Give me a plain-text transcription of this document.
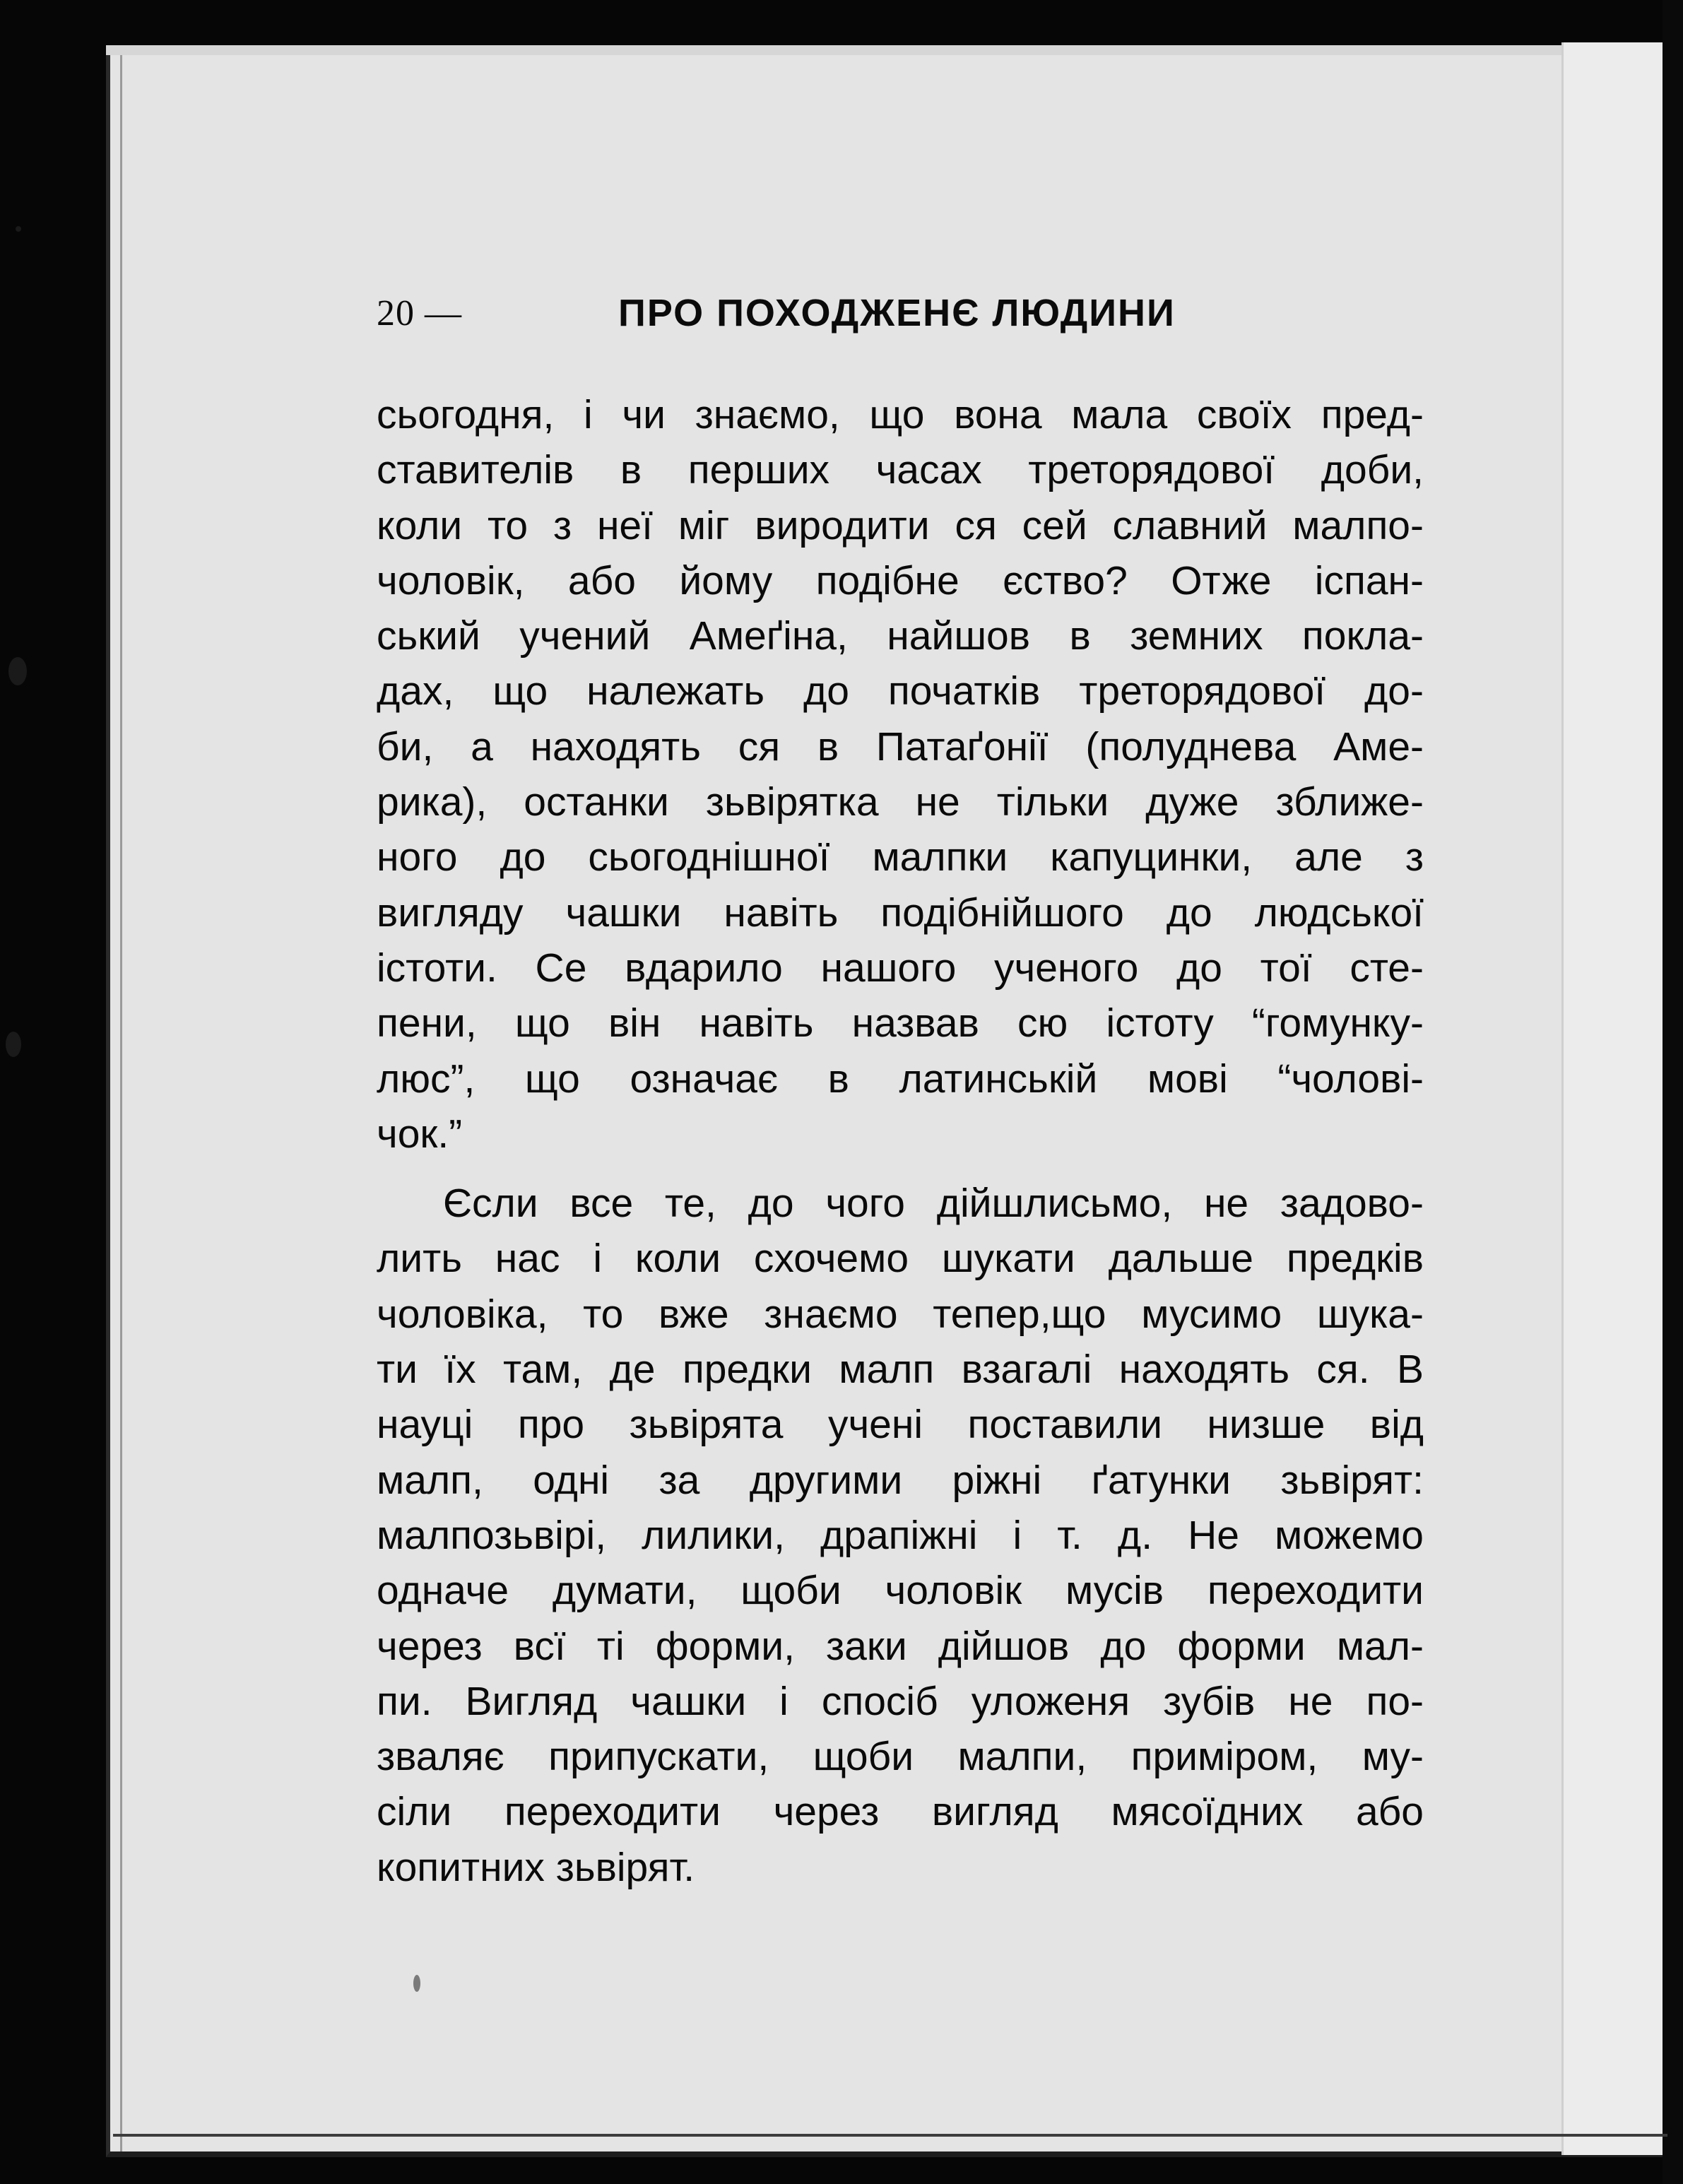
20 —	ПРО ПОХОДЖЕНЄ ЛЮДИНИ
сьогодня, і чи знаємо, що вона мала своїх пред-
ставителів в перших часах треторядової доби,
коли то з неї міг виродити ся сей славний малпо-
чоловік, або йому подібне єство? Отже іспан-
ський учений Амеґіна, найшов в земних покла-
дах, що належать до початків треторядової до-
би, а находять ся в Патаґонії (полуднева Аме-
рика), останки зьвірятка не тільки дуже зближе-
ного до сьогоднішної малпки капуцинки, але з
вигляду чашки навіть подібнійшого до людської
істоти. Се вдарило нашого ученого до тої сте-
пени, що він навіть назвав сю істоту “гомунку-
люс”, що означає в латинській мові “чолові-
чок.”
Єсли все те, до чого дійшлисьмо, не задово-
лить нас і коли схочемо шукати дальше предків
чоловіка, то вже знаємо тепер,що мусимо шука-
ти їх там, де предки малп взагалі находять ся. В
науці про зьвірята учені поставили низше від
малп, одні за другими ріжні ґатунки зьвірят:
малпозьвірі, лилики, драпіжні і т. д. Не можемо
одначе думати, щоби чоловік мусів переходити
через всї ті форми, заки дійшов до форми мал-
пи. Вигляд чашки і спосіб уложеня зубів не по-
зваляє припускати, щоби малпи, приміром, му-
сіли переходити через вигляд мясоїдних або
копитних зьвірят.
